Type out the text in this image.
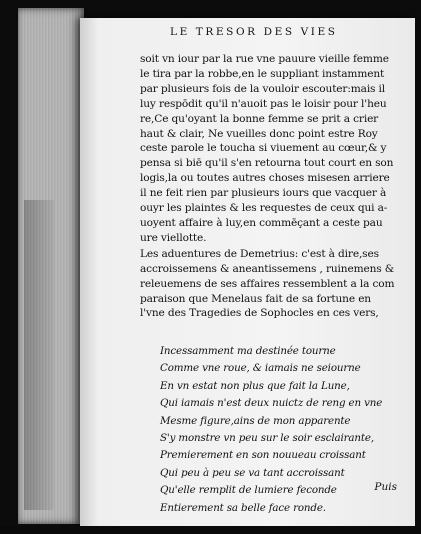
LE TRESOR DES VIES
soit vn iour par la rue vne pauure vieille femme
le tira par la robbe,en le suppliant instamment
par plusieurs fois de la vouloir escouter:mais il
luy respōdit qu'il n'auoit pas le loisir pour l'heu
re,Ce qu'oyant la bonne femme se prit a crier
haut & clair, Ne vueilles donc point estre Roy
ceste parole le toucha si viuement au cœur,& y
pensa si biē qu'il s'en retourna tout court en son
logis,la ou toutes autres choses misesen arriere
il ne feit rien par plusieurs iours que vacquer à
ouyr les plaintes & les requestes de ceux qui a-
uoyent affaire à luy,en commēçant a ceste pau
ure viellotte.
Les aduentures de Demetrius: c'est à dire,ses
accroissemens & aneantissemens , ruinemens &
releuemens de ses affaires ressemblent a la com
paraison que Menelaus fait de sa fortune en
l'vne des Tragedies de Sophocles en ces vers,
Incessamment ma destinée tourne
Comme vne roue, & iamais ne seiourne
En vn estat non plus que fait la Lune,
Qui iamais n'est deux nuictz de reng en vne
Mesme figure,ains de mon apparente
S'y monstre vn peu sur le soir esclairante,
Premierement en son nouueau croissant
Qui peu à peu se va tant accroissant
Qu'elle remplit de lumiere feconde
Entierement sa belle face ronde.
Puis
